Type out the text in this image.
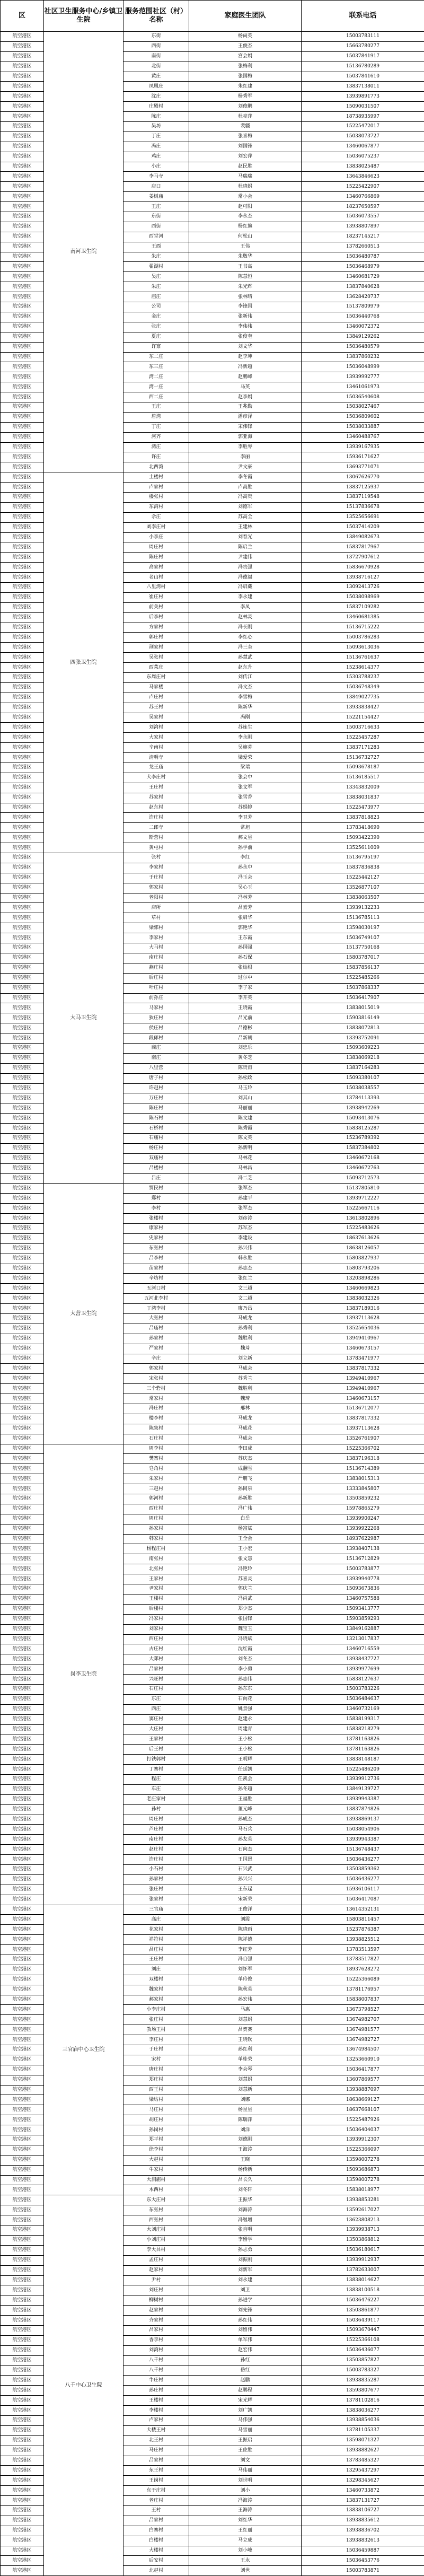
区	社区卫生服务中心/乡镇卫生院	服务范围社区（村）名称	家庭医生团队	联系电话
航空港区	南河卫生院	东街	杨尚英	15003783111
航空港区		西街	王俊杰	15663780277
航空港区		南街	宫会娟	15037841917
航空港区		北街	张梅利	15136780289
航空港区		黄庄	张国梅	15037841610
航空港区		凤凰庄	朱红建	13837138011
航空港区		沈庄	杨秀军	13939891773
航空港区		庄殿村	刘俊鹏	15090031507
航空港区		陈庄	杜亮萍	18738935997
航空港区		吴坊	裴疆	15225472017
航空港区		丁庄	张喜梅	15038073727
航空港区		冯庄	刘国锋	13460067877
航空港区		鸡庄	刘宏萍	15036075237
航空港区		小庄	赵民胜	13838025487
航空港区		李马寺	马瑞瑞	13643846623
航空港区		店口	杜晓娟	15225422907
航空港区		姜树庙	常小会	13460766869
航空港区		王庄	赵可阳	18237650597
航空港区		东街	李永杰	15036073557
航空港区		西街	杨红旗	13938807897
航空港区		西堂河	何松山	18237145217
航空港区		王西	王伟	13782660513
航空港区		朱庄	朱敬华	15036480787
航空港区		翟湖村	王书高	15036468979
航空港区		吴庄	陈慧恒	13460681729
航空港区		朱庄	朱光辉	13837840628
航空港区		庙庄	张林晴	13628420737
航空港区		公司	李锋国	15137809979
航空港区		金庄	张新伟	15036440768
航空港区		张庄	李伟伟	13460072372
航空港区		夏庄	张俊奎	13849129262
航空港区		许寨	刘文华	15036480579
航空港区		东二庄	赵李坤	13837860232
航空港区		东三庄	冯新超	15036048999
航空港区		湾二庄	赵鹏峰	13939992777
航空港区		湾一庄	马英	13461061973
航空港区		西二庄	赵李娟	15036540608
航空港区		王庄	王兆勤	15038027467
航空港区		詹湾	潘彦泽	15036809602
航空港区		丁庄	宋伟锋	15038033887
航空港区		河齐	郭亚海	13460488767
航空港区		湾庄	李胜琴	13939167935
航空港区		许庄	李丽	15936171627
航空港区		北西湾	尹文豪	13693771071
航空港区	四张卫生院	土楼村	李冬霞	13067626770
航空港区		卢家村	卢高胜	13837125937
航空港区		楼张村	冯高贵	13837119548
航空港区		东湾村	刘德军	15137836678
航空港区		佘庄	苏高全	13525656691
航空港区		刘李庄村	王建林	15037414209
航空港区		小李庄	刘春光	13849082673
航空港区		周庄村	陈启兰	15837817967
航空港区		陈庄村	尹建伟	13727907612
航空港区		高家村	冯贵强	15836670928
航空港区		老山村	冯德福	13938716127
航空港区		八里湾村	冯启藏	13092413726
航空港区		崔庄村	李永建	15038098969
航空港区		前关村	李凤	15837109282
航空港区		后李村	赵林灵	13460681385
航空港区		方家村	冯长刚	15136715222
航空港区		郭庄村	李红心	15003786283
航空港区		荆家村	冯三奎	15093613036
航空港区		吴张村	孙慧武	15136761637
航空港区		西菜庄	赵东升	15238614377
航空港区		东周庄村	刘传江	15303788237
航空港区		马家楼	冯文杰	15036748349
航空港区		卢庄村	李雪梅	13849027735
航空港区		苏王村	陈新华	13933838427
航空港区		吴家村	冯刚	15221154427
航空港区		刘湾村	苏连生	15003716633
航空港区		大家村	李永刚	15225457287
航空港区		辛南村	吴旗芬	13837171283
航空港区		清明寺	梁爱荣	15136732727
航空港区		龙王庙	梁瑞	15093678187
航空港区		大李庄村	张会中	15136185517
航空港区		王庄村	张文军	13343832009
航空港区		苏家村	张雪香	13838031837
航空港区		赵东村	苏娟婷	15225473977
航空港区		许庄村	李卫芳	13837818823
航空港区		二郎寺	常旭	13783418690
航空港区		斯营村	郝文星	15093422390
航空港区		黄屯村	孙学前	13525611009
航空港区	大马卫生院	张村	李红	15136795197
航空港区		李家村	孙永中	15837836838
航空港区		于庄村	冯玉会	15225442127
航空港区		郭家村	吴心玉	13526877107
航空港区		老阳村	冯林芳	13838063507
航空港区		店所	吕素芳	13939132233
航空港区		草村	张启华	15136785113
航空港区		梁郭村	郭艳华	13598030197
航空港区		李家村	王东霞	15036749107
航空港区		大马村	孙国强	15137750168
航空港区		南庄村	孙石保	15803787017
航空港区		燕庄村	张灿根	15837856137
航空港区		后庄村	过尔中	15225485266
航空港区		叶庄村	李子家	15037868337
航空港区		前孙庄	李开英	15036417907
航空港区		马家村	王晓霞	13838015019
航空港区		狄庄村	吕光前	15903816149
航空港区		侯庄村	吕德彬	13838072813
航空港区		段郎村	吕新朝	13393752091
航空港区		商庄	刘忠乐	15093609223
航空港区		南庄	黄冬芝	13838069218
航空港区		八里营	陈贵甫	13837164283
航空港区		唐子村	孙松政	15093380107
航空港区		许赵村	马玉玲	15038038557
航空港区		万庄村	刘其山	13784113393
航空港区		陈庄村	马丽丽	13938942269
航空港区		陈石村	陈文建	15093413076
航空港区		石桥村	陈秀霞	15838125287
航空港区		石庙村	陈文英	15236789392
航空港区		杨庄村	孙新明	15837384802
航空港区		双庙村	马林花	13460672168
航空港区		吕楼村	马林昌	13460672763
航空港区		吕庄	冯二芝	15093712573
航空港区	大营卫生院	贾民村	张军杰	15137805810
航空港区		郑村	孙建平	13939712227
航空港区		李村	张军杰	15225667116
航空港区		张楼村	刘彦涛	13613802896
航空港区		康家村	苏军杰	15225483626
航空港区		史家村	李建设	18637613626
航空港区		东张村	孙兴伟	18638126057
航空港区		吕李村	韩永胜	15803827937
航空港区		苗家村	孙志杰	15803793206
航空港区		辛坊村	张红兰	13203898286
航空港区		五河口村	文三超	13460669823
航空港区		五河北李村	文二超	13838032326
航空港区		丁湾李村	廖乃昌	13837189316
航空港区		大张村	马成龙	13937113628
航空港区		吕庙村	孙秀利	13525654036
航空港区		孙家村	魏胜利	13949410967
航空港区		严家村	魏琦	13460673157
航空港区		辛庄	刘立新	13783471977
航空港区		郭家村	马成会	13837817332
航空港区		宋张村	苏秀兰	13949410967
航空港区		三个砦村	魏胜利	13949410967
航空港区		常家村	魏琦	13460673157
航空港区		冯庄村	邢林	15136712077
航空港区		楼李村	马成龙	13837817332
航空港区		陈集村	马成花	13937113628
航空港区		石庄村	马成会	13526761907
航空港区	岗李卫生院	周李村	李田成	15225366702
航空港区		樊寨村	苏庆杰	13837196318
航空港区		皂角村	成翻雪	15136714389
航空港区		朱家村	严朋飞	13838015313
航空港区		三赵村	孙同泉	13333845807
航空港区		郭河村	孙新胜	13503859232
航空港区		西庄村	冯广伟	15978865279
航空港区		周庄村	白岳	13939900247
航空港区		孙家村	杨富斌	13939922268
航空港区		韩家村	王全会	18937622987
航空港区		杨程庄村	王小宏	13938407138
航空港区		南张村	张文慧	15136712829
航空港区		北张村	冯艳玲	15003783877
航空港区		王家村	苏喜灵	13939940778
航空港区		尹家村	郭庆兰	15093673836
航空港区		王楼村	冯尚武	13460757588
航空港区		后楼村	郑少杰	15093413777
航空港区		冯家村	张国锋	15903859293
航空港区		刘家村	魏宝玉	13849162887
航空港区		西庄村	冯晓斌	13213017837
航空港区		古庄村	沈红霞	13460716559
航空港区		大郑村	刘冬杰	13938437727
航空港区		吕家村	李小勇	13939977699
航空港区		兴旺村	孙志伟	15838127637
航空港区		石庄村	孙东东	15003783226
航空港区		东庄	石向花	15036484637
航空港区		西庄	姚景强	13460732169
航空港区		窦庄村	赵建永	15838199317
航空港区		大庄村	周建青	15838218279
航空港区		王家村	王小松	13781163826
航空港区		后王村	王小松	13781163826
航空港区		打铁郭村	王明辉	13838148187
航空港区		丁寨村	任延凯	15225486209
航空港区		程庄	任凯会	13939912736
航空港区		车庄	孙冬超	13849139727
航空港区		老庄家村	王福胜	13939943387
航空港区		孙村	董元峰	13837874826
航空港区		周庄村	孙成杰	13938869137
航空港区		芦庄村	马石兵	15038054906
航空港区		南庄村	孙友英	13939943387
航空港区		赵庄村	石向杰	15136748437
航空港区		许庄村	王国恩	15036436277
航空港区		小石村	石兴武	13503859362
航空港区		孙家村	孙兴兴	15036436277
航空港区		张庄村	王东起	15936106117
航空港区		张家村	宋新荣	15036417087
航空港区	三官庙中心卫生院	三官庙	王俊洋	13614352131
航空港区		高庄	刘霞	15803811457
航空港区		花家村	陈晓雨	15237876387
航空港区		祥符村	陈祥德	13938825512
航空港区		吕庄村	李红芳	13783513597
航空港区		王庄村	冯自强	13783517827
航空港区		刘庄	刘怀军	18937628272
航空港区		双楼村	单玲俊	15225366089
航空港区		魏家村	陈秋英	13781176957
航空港区		郝家村	孙宏伟	15838007837
航空港区		小李庄村	马惠	13673798527
航空港区		张庄村	刘慧娟	13674982707
航空港区		教场王村	吕贺赛	13674981577
航空港区		李庄村	王晓钦	13674982727
航空港区		于庄村	孙红利	13674984507
航空港区		宋村	单桂荣	13253660910
航空港区		唐庄村	李会琴	15036417877
航空港区		郑庄村	刘慧娟	13607869577
航空港区		西王村	刘慧新	13938887097
航空港区		梁坊村	刘娜	18638669127
航空港区		马庄村	杨星星	18637668107
航空港区		胡庄村	陈瑞萍	15225487926
航空港区		孙岗村	刘洋	15036404037
航空港区		郑平村	刘德刚	13939912307
航空港区		徐李村	王海涛	15225366097
航空港区		大赵村	王晓	13598007278
航空港区		牛家村	杨传新	15093686873
航空港区		大涧庙村	吕长久	13598007278
航空港区		木西村	刘冬轩	15838018977
航空港区	八千中心卫生院	东大庄村	王振华	13938853281
航空港区		东张村	刘海涛	13592617027
航空港区		西张村	冯继增	13623808213
航空港区		大刘庄村	张自明	13939938713
航空港区		小刘庄村	李留学	13503868812
航空港区		李大吕村	孙志勇	15036180617
航空港区		孟庄村	刘振刚	13939912937
航空港区		赵家村	刘新军	13782633007
航空港区		尹村	刘永建	13838014627
航空港区		刘庄村	刘卫	13838100518
航空港区		柳树村	孙进学	15036476227
航空港区		赵家村	刘先锋	13503861877
航空港区		齐家村	孙红伟	15036439117
航空港区		吕家村	刘留伟	15093670447
航空港区		香李村	单军伟	15225366108
航空港区		刘湾村	赵宏伟	15036436077
航空港区		八千村	孙红	13503857827
航空港区		八千村	岳红	15003783327
航空港区		牛庄村	赵鹏	13938835287
航空港区		孙庄村	赵鹏程	13593807677
航空港区		王楼村	宋光辉	13781102816
航空港区		李楼村	刘广凯	13838036277
航空港区		卢家村	马伟强	13938854036
航空港区		大楼王村	马雪丽	13781105337
航空港区		北王村	王振启	13598071327
航空港区		马庄村	王佐胜	13938882627
航空港区		吕家村	刘文	13783485327
航空港区		东王村	马伟丽	13295437297
航空港区		王岗村	刘世明	13298345627
航空港区		东于庄村	刘小	13460733872
航空港区		老庄村	冯海涛	13837131727
航空港区		王村	王海涛	13838106727
航空港区		吕家村	刘红华	13938835612
航空港区		白寨村	王红丽	13938836702
航空港区		白楼村	马立成	13938832613
航空港区		大楼村	刘小峰	15036459887
航空港区		后安村	王永	15036453776
航空港区		北赵村	刘世	15003783871
